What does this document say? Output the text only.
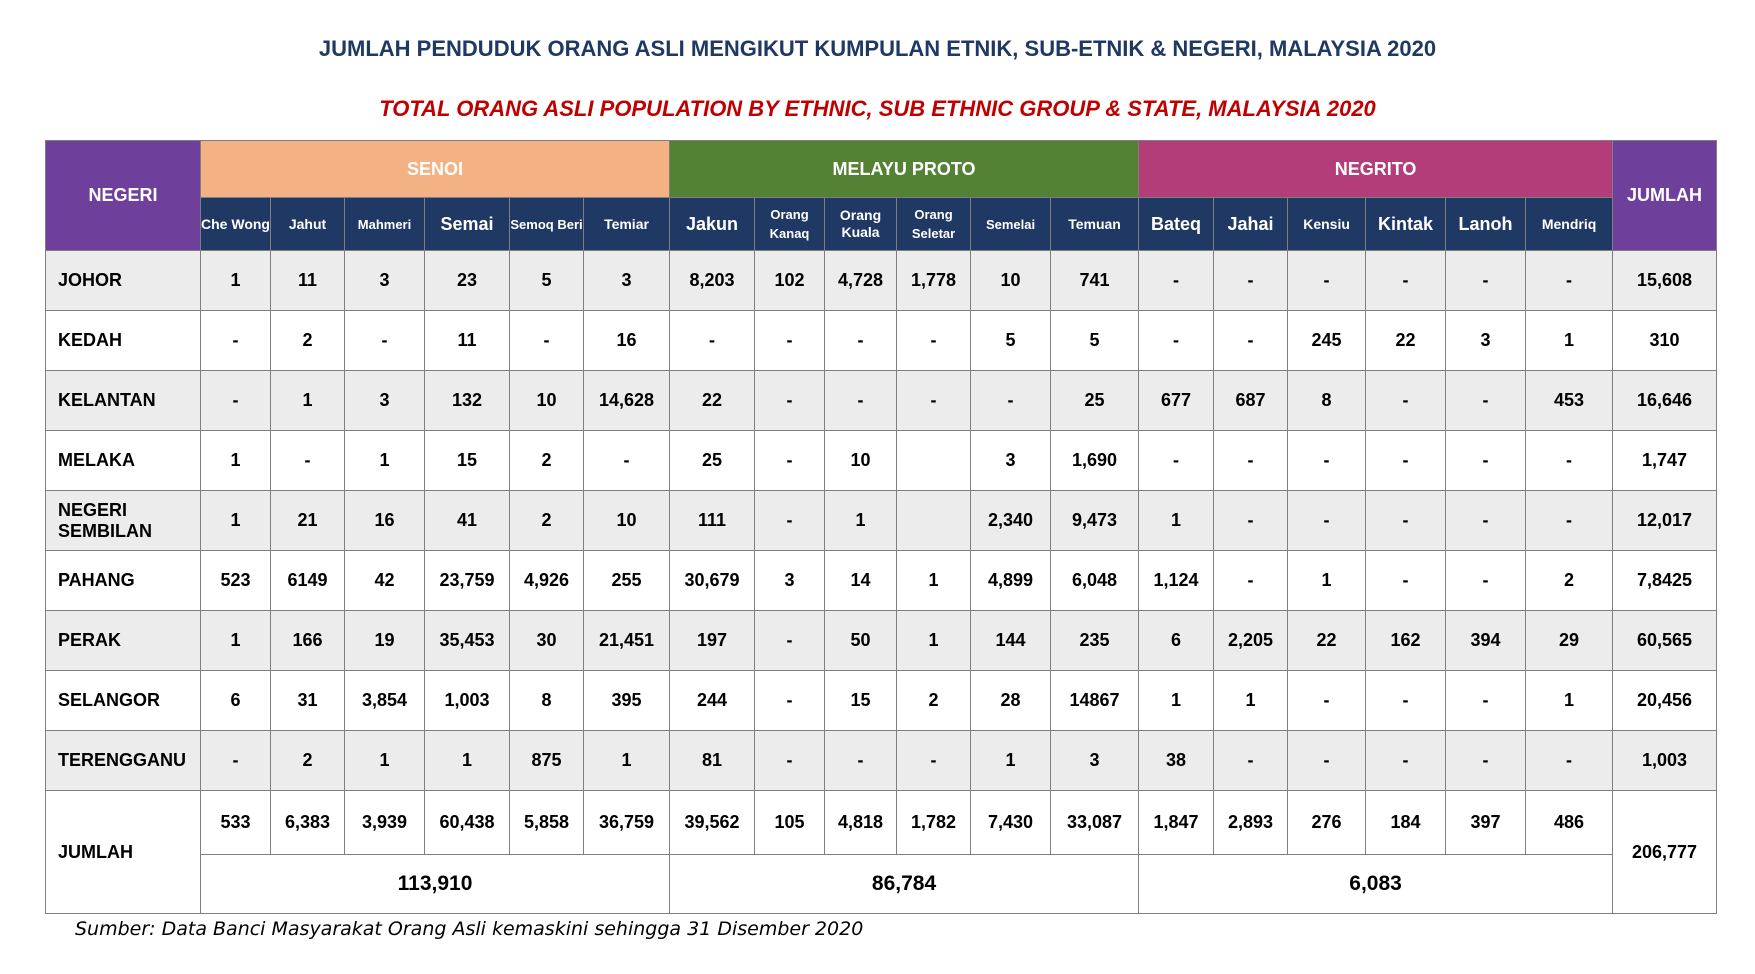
JUMLAH PENDUDUK ORANG ASLI MENGIKUT KUMPULAN ETNIK, SUB-ETNIK & NEGERI, MALAYSIA 2020
TOTAL ORANG ASLI POPULATION BY ETHNIC, SUB ETHNIC GROUP & STATE, MALAYSIA 2020
NEGERI	SENOI						MELAYU PROTO						NEGRITO						JUMLAH
	Che Wong	Jahut	Mahmeri	Semai	Semoq Beri	Temiar	Jakun	Orang Kanaq	Orang Kuala	Orang Seletar	Semelai	Temuan	Bateq	Jahai	Kensiu	Kintak	Lanoh	Mendriq	
JOHOR	1	11	3	23	5	3	8,203	102	4,728	1,778	10	741	-	-	-	-	-	-	15,608
KEDAH	-	2	-	11	-	16	-	-	-	-	5	5	-	-	245	22	3	1	310
KELANTAN	-	1	3	132	10	14,628	22	-	-	-	-	25	677	687	8	-	-	453	16,646
MELAKA	1	-	1	15	2	-	25	-	10		3	1,690	-	-	-	-	-	-	1,747
NEGERI
SEMBILAN	1	21	16	41	2	10	111	-	1		2,340	9,473	1	-	-	-	-	-	12,017
PAHANG	523	6149	42	23,759	4,926	255	30,679	3	14	1	4,899	6,048	1,124	-	1	-	-	2	7,8425
PERAK	1	166	19	35,453	30	21,451	197	-	50	1	144	235	6	2,205	22	162	394	29	60,565
SELANGOR	6	31	3,854	1,003	8	395	244	-	15	2	28	14867	1	1	-	-	-	1	20,456
TERENGGANU	-	2	1	1	875	1	81	-	-	-	1	3	38	-	-	-	-	-	1,003
JUMLAH	533	6,383	3,939	60,438	5,858	36,759	39,562	105	4,818	1,782	7,430	33,087	1,847	2,893	276	184	397	486	206,777
	113,910						86,784						6,083						
Sumber: Data Banci Masyarakat Orang Asli kemaskini sehingga 31 Disember 2020
